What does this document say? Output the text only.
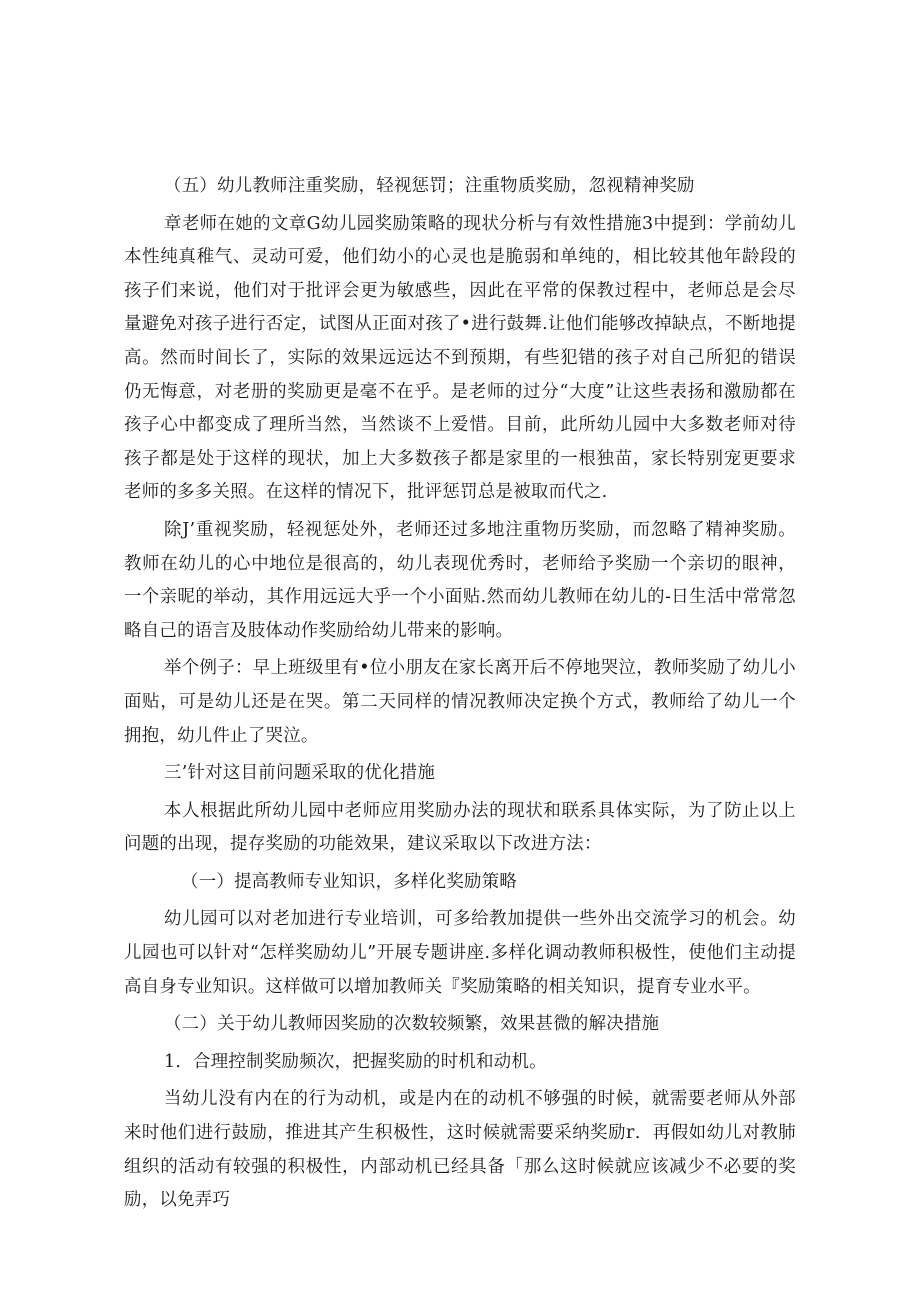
（五）幼儿教师注重奖励，轻视惩罚；注重物质奖励，忽视精神奖励

章老师在她的文章G幼儿园奖励策略的现状分析与有效性措施3中提到：学前幼儿本性纯真稚气、灵动可爱，他们幼小的心灵也是脆弱和单纯的，相比较其他年龄段的孩子们来说，他们对于批评会更为敏感些，因此在平常的保教过程中，老师总是会尽量避免对孩子进行否定，试图从正面对孩了•进行鼓舞.让他们能够改掉缺点，不断地提高。然而时间长了，实际的效果远远达不到预期，有些犯错的孩子对自己所犯的错误仍无悔意，对老册的奖励更是毫不在乎。是老师的过分“大度”让这些表扬和激励都在孩子心中都变成了理所当然，当然谈不上爱惜。目前，此所幼儿园中大多数老师对待孩子都是处于这样的现状，加上大多数孩子都是家里的一根独苗，家长特别宠更要求老师的多多关照。在这样的情况下，批评惩罚总是被取而代之.

除J’重视奖励，轻视惩处外，老师还过多地注重物历奖励，而忽略了精神奖励。教师在幼儿的心中地位是很高的，幼儿表现优秀时，老师给予奖励一个亲切的眼神，一个亲昵的举动，其作用远远大乎一个小面贴.然而幼儿教师在幼儿的-日生活中常常忽略自己的语言及肢体动作奖励给幼儿带来的影响。

举个例子：早上班级里有•位小朋友在家长离开后不停地哭泣，教师奖励了幼儿小面贴，可是幼儿还是在哭。第二天同样的情况教师决定换个方式，教师给了幼儿一个拥抱，幼儿件止了哭泣。

三’针对这目前问题采取的优化措施

本人根据此所幼儿园中老师应用奖励办法的现状和联系具体实际，为了防止以上问题的出现，提存奖励的功能效果，建议采取以下改进方法：

（一）提高教师专业知识，多样化奖励策略

幼儿园可以对老加进行专业培训，可多给教加提供一些外出交流学习的机会。幼儿园也可以针对“怎样奖励幼儿”开展专题讲座.多样化调动教师积极性，使他们主动提高自身专业知识。这样做可以增加教师关『奖励策略的相关知识，提育专业水平。

（二）关于幼儿教师因奖励的次数较频繁，效果甚微的解决措施

1．合理控制奖励频次，把握奖励的时机和动机。

当幼儿没有内在的行为动机，或是内在的动机不够强的时候，就需要老师从外部来时他们进行鼓励，推进其产生积极性，这时候就需要采纳奖励r．再假如幼儿对教肺组织的活动有较强的积极性，内部动机已经具备「那么这时候就应该减少不必要的奖励，以免弄巧
